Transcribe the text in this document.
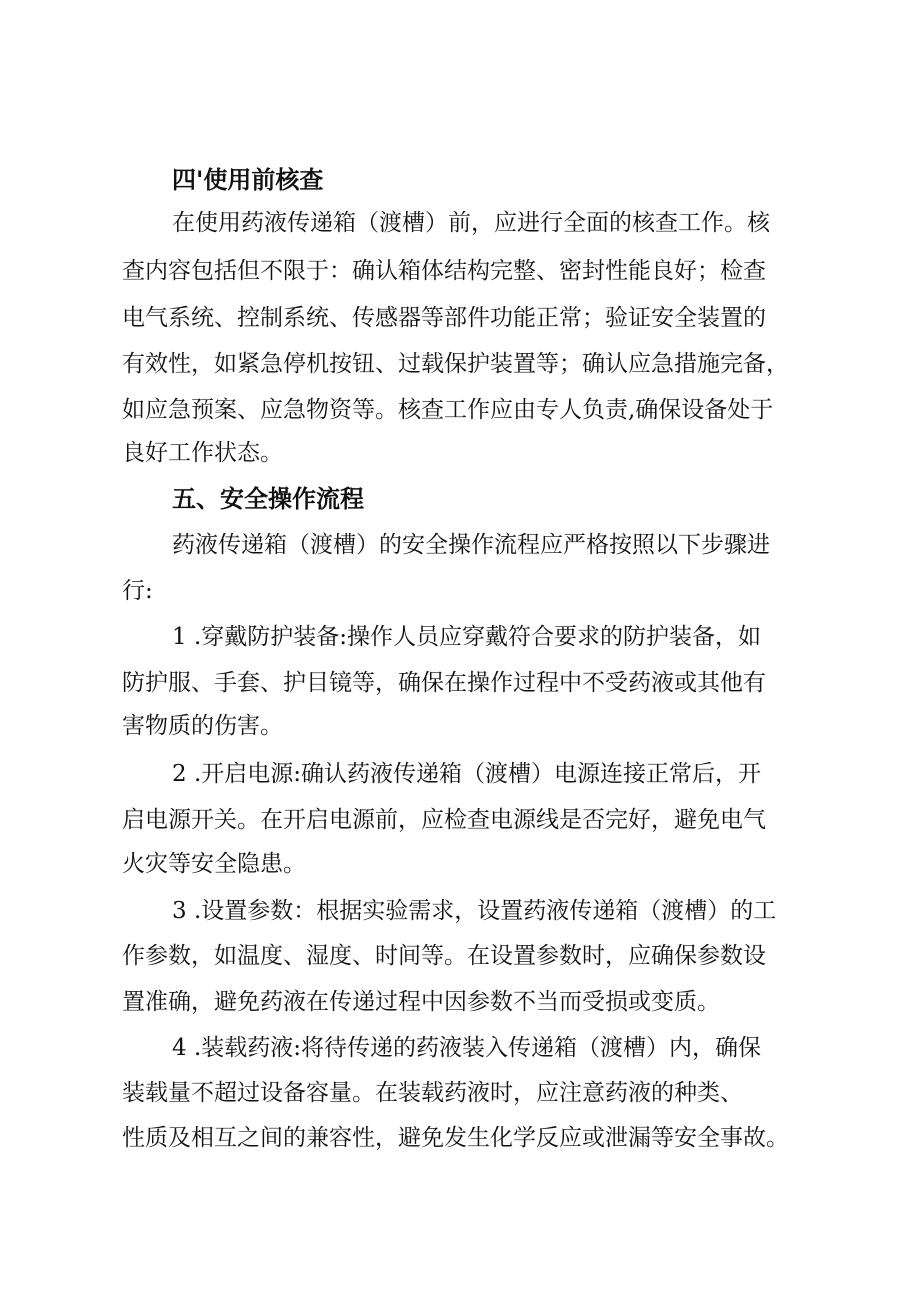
四'使用前核查
在使用药液传递箱（渡槽）前，应进行全面的核查工作。核
查内容包括但不限于：确认箱体结构完整、密封性能良好；检查
电气系统、控制系统、传感器等部件功能正常；验证安全装置的
有效性，如紧急停机按钮、过载保护装置等；确认应急措施完备，
如应急预案、应急物资等。核查工作应由专人负责,确保设备处于
良好工作状态。
五、安全操作流程
药液传递箱（渡槽）的安全操作流程应严格按照以下步骤进
行:
1 .穿戴防护装备:操作人员应穿戴符合要求的防护装备，如
防护服、手套、护目镜等，确保在操作过程中不受药液或其他有
害物质的伤害。
2 .开启电源:确认药液传递箱（渡槽）电源连接正常后，开
启电源开关。在开启电源前，应检查电源线是否完好，避免电气
火灾等安全隐患。
3 .设置参数：根据实验需求，设置药液传递箱（渡槽）的工
作参数，如温度、湿度、时间等。在设置参数时，应确保参数设
置准确，避免药液在传递过程中因参数不当而受损或变质。
4 .装载药液:将待传递的药液装入传递箱（渡槽）内，确保
装载量不超过设备容量。在装载药液时，应注意药液的种类、
性质及相互之间的兼容性，避免发生化学反应或泄漏等安全事故。
